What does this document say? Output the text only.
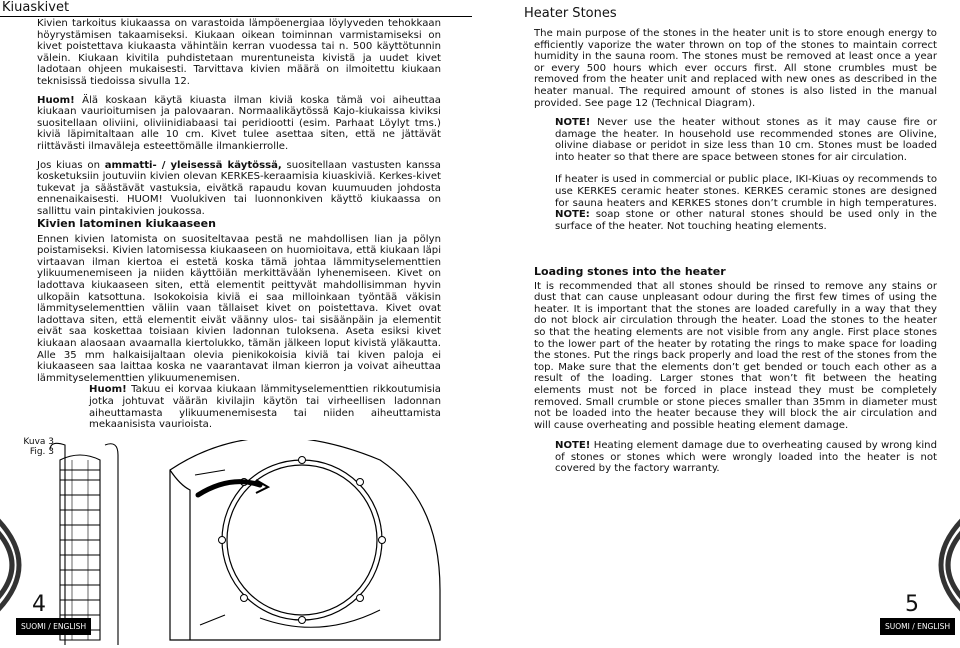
Kiuaskivet

Kivien tarkoitus kiukaassa on varastoida lämpöenergiaa löylyveden tehokkaan höyrystämisen takaamiseksi. Kiukaan oikean toiminnan varmistamiseksi on kivet poistettava kiukaasta vähintäin kerran vuodessa tai n. 500 käyttötunnin välein. Kiukaan kivitila puhdistetaan murentuneista kivistä ja uudet kivet ladotaan ohjeen mukaisesti. Tarvittava kivien määrä on ilmoitettu kiukaan teknisissä tiedoissa sivulla 12.

Huom! Älä koskaan käytä kiuasta ilman kiviä koska tämä voi aiheuttaa kiukaan vaurioitumisen ja palovaaran. Normaalikäytössä Kajo-kiukaissa kiviksi suositellaan oliviini, oliviinidiabaasi tai peridiootti (esim. Parhaat Löylyt tms.) kiviä läpimitaltaan alle 10 cm. Kivet tulee asettaa siten, että ne jättävät riittävästi ilmaväleja esteettömälle ilmankierrolle.

Jos kiuas on ammatti- / yleisessä käytössä, suositellaan vastusten kanssa kosketuksiin joutuviin kivien olevan KERKES-keraamisia kiuaskiviä. Kerkes-kivet tukevat ja säästävät vastuksia, eivätkä rapaudu kovan kuumuuden johdosta ennenaikaisesti. HUOM! Vuolukiven tai luonnonkiven käyttö kiukaassa on sallittu vain pintakivien joukossa.

Kivien latominen kiukaaseen

Ennen kivien latomista on suositeltavaa pestä ne mahdollisen lian ja pölyn poistamiseksi. Kivien latomisessa kiukaaseen on huomioitava, että kiukaan läpi virtaavan ilman kiertoa ei estetä koska tämä johtaa lämmityselementtien ylikuumenemiseen ja niiden käyttöiän merkittävään lyhenemiseen. Kivet on ladottava kiukaaseen siten, että elementit peittyvät mahdollisimman hyvin ulkopäin katsottuna. Isokokoisia kiviä ei saa milloinkaan työntää väkisin lämmityselementtien väliin vaan tällaiset kivet on poistettava. Kivet ovat ladottava siten, että elementit eivät väänny ulos- tai sisäänpäin ja elementit eivät saa koskettaa toisiaan kivien ladonnan tuloksena. Aseta esiksi kivet kiukaan alaosaan avaamalla kiertolukko, tämän jälkeen loput kivistä yläkautta. Alle 35 mm halkaisijaltaan olevia pienikokoisia kiviä tai kiven paloja ei kiukaaseen saa laittaa koska ne vaarantavat ilman kierron ja voivat aiheuttaa lämmityselementtien ylikuumenemisen.

Huom! Takuu ei korvaa kiukaan lämmityselementtien rikkoutumisia jotka johtuvat väärän kivilajin käytön tai virheellisen ladonnan aiheuttamasta ylikuumenemisesta tai niiden aiheuttamista mekaanisista vaurioista.

Kuva 3
Fig. 3
4
SUOMI / ENGLISH
Heater Stones

The main purpose of the stones in the heater unit is to store enough energy to efficiently vaporize the water thrown on top of the stones to maintain correct humidity in the sauna room. The stones must be removed at least once a year or every 500 hours which ever occurs first. All stone crumbles must be removed from the heater unit and replaced with new ones as described in the heater manual. The required amount of stones is also listed in the manual provided. See page 12 (Technical Diagram).

NOTE! Never use the heater without stones as it may cause fire or damage the heater. In household use recommended stones are Olivine, olivine diabase or peridot in size less than 10 cm. Stones must be loaded into heater so that there are space between stones for air circulation.

If heater is used in commercial or public place, IKI-Kiuas oy recommends to use KERKES ceramic heater stones. KERKES ceramic stones are designed for sauna heaters and KERKES stones don’t crumble in high temperatures. NOTE: soap stone or other natural stones should be used only in the surface of the heater. Not touching heating elements.

Loading stones into the heater

It is recommended that all stones should be rinsed to remove any stains or dust that can cause unpleasant odour during the first few times of using the heater. It is important that the stones are loaded carefully in a way that they do not block air circulation through the heater. Load the stones to the heater so that the heating elements are not visible from any angle. First place stones to the lower part of the heater by rotating the rings to make space for loading the stones. Put the rings back properly and load the rest of the stones from the top. Make sure that the elements don’t get bended or touch each other as a result of the loading. Larger stones that won’t fit between the heating elements must not be forced in place instead they must be completely removed. Small crumble or stone pieces smaller than 35mm in diameter must not be loaded into the heater because they will block the air circulation and will cause overheating and possible heating element damage.

NOTE! Heating element damage due to overheating caused by wrong kind of stones or stones which were wrongly loaded into the heater is not covered by the factory warranty.

5
SUOMI / ENGLISH
